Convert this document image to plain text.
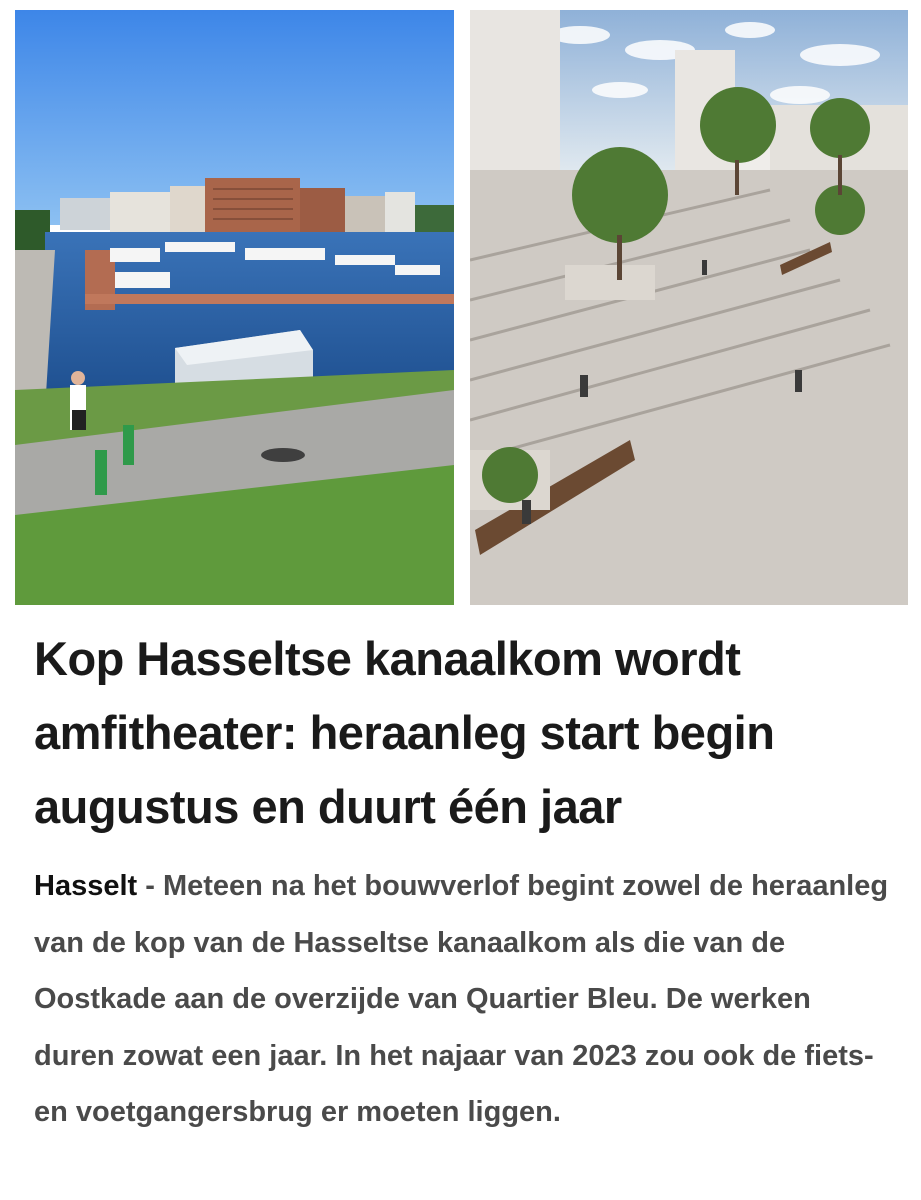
Kop Hasseltse kanaalkom wordt amfitheater: heraanleg start begin augustus en duurt één jaar

Hasselt - Meteen na het bouwverlof begint zowel de heraanleg van de kop van de Hasseltse kanaalkom als die van de Oostkade aan de overzijde van Quartier Bleu. De werken duren zowat een jaar. In het najaar van 2023 zou ook de fiets- en voetgangersbrug er moeten liggen.
